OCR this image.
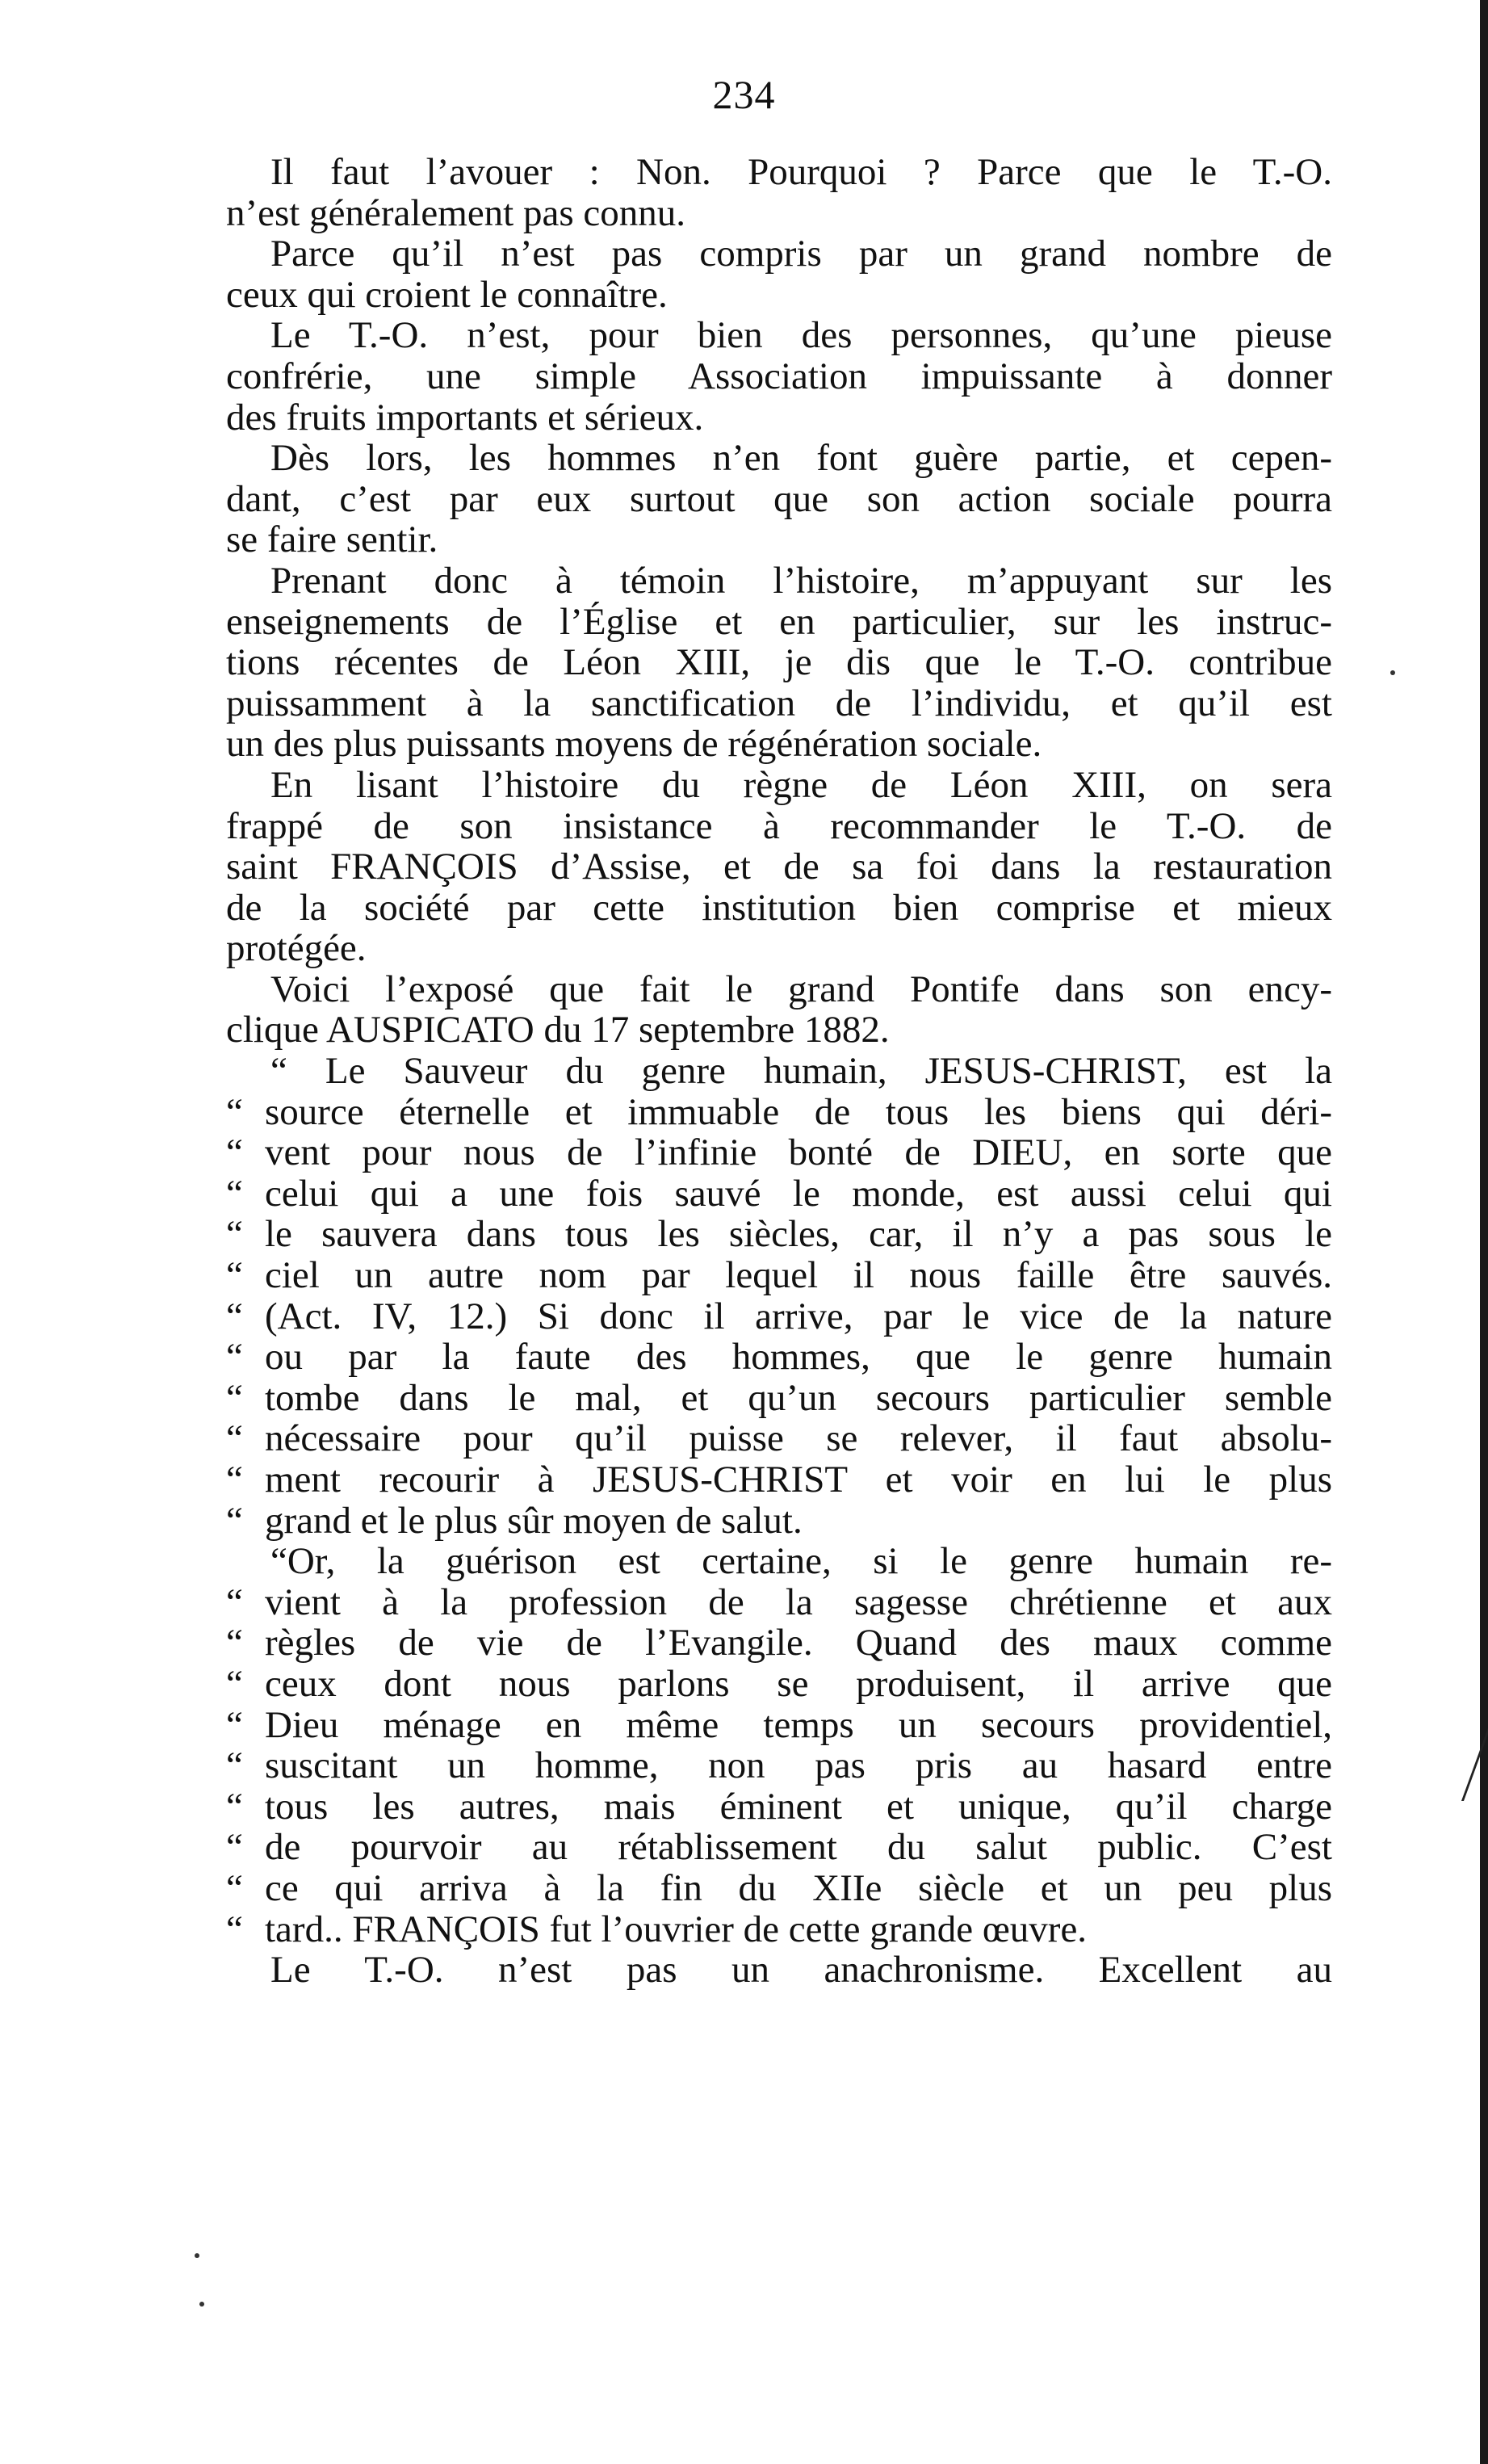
234
Il faut l’avouer : Non. Pourquoi ? Parce que le T.-O.
n’est généralement pas connu.
Parce qu’il n’est pas compris par un grand nombre de
ceux qui croient le connaître.
Le T.-O. n’est, pour bien des personnes, qu’une pieuse
confrérie, une simple Association impuissante à donner
des fruits importants et sérieux.
Dès lors, les hommes n’en font guère partie, et cepen-
dant, c’est par eux surtout que son action sociale pourra
se faire sentir.
Prenant donc à témoin l’histoire, m’appuyant sur les
enseignements de l’Église et en particulier, sur les instruc-
tions récentes de Léon XIII, je dis que le T.-O. contribue
puissamment à la sanctification de l’individu, et qu’il est
un des plus puissants moyens de régénération sociale.
En lisant l’histoire du règne de Léon XIII, on sera
frappé de son insistance à recommander le T.-O. de
saint FRANÇOIS d’Assise, et de sa foi dans la restauration
de la société par cette institution bien comprise et mieux
protégée.
Voici l’exposé que fait le grand Pontife dans son ency-
clique AUSPICATO du 17 septembre 1882.
“ Le Sauveur du genre humain, JESUS-CHRIST, est la
“ source éternelle et immuable de tous les biens qui déri-
“ vent pour nous de l’infinie bonté de DIEU, en sorte que
“ celui qui a une fois sauvé le monde, est aussi celui qui
“ le sauvera dans tous les siècles, car, il n’y a pas sous le
“ ciel un autre nom par lequel il nous faille être sauvés.
“ (Act. IV, 12.) Si donc il arrive, par le vice de la nature
“ ou par la faute des hommes, que le genre humain
“ tombe dans le mal, et qu’un secours particulier semble
“ nécessaire pour qu’il puisse se relever, il faut absolu-
“ ment recourir à JESUS-CHRIST et voir en lui le plus
“ grand et le plus sûr moyen de salut.
“Or, la guérison est certaine, si le genre humain re-
“ vient à la profession de la sagesse chrétienne et aux
“ règles de vie de l’Evangile. Quand des maux comme
“ ceux dont nous parlons se produisent, il arrive que
“ Dieu ménage en même temps un secours providentiel,
“ suscitant un homme, non pas pris au hasard entre
“ tous les autres, mais éminent et unique, qu’il charge
“ de pourvoir au rétablissement du salut public. C’est
“ ce qui arriva à la fin du XIIe siècle et un peu plus
“ tard.. FRANÇOIS fut l’ouvrier de cette grande œuvre.
Le T.-O. n’est pas un anachronisme. Excellent au
